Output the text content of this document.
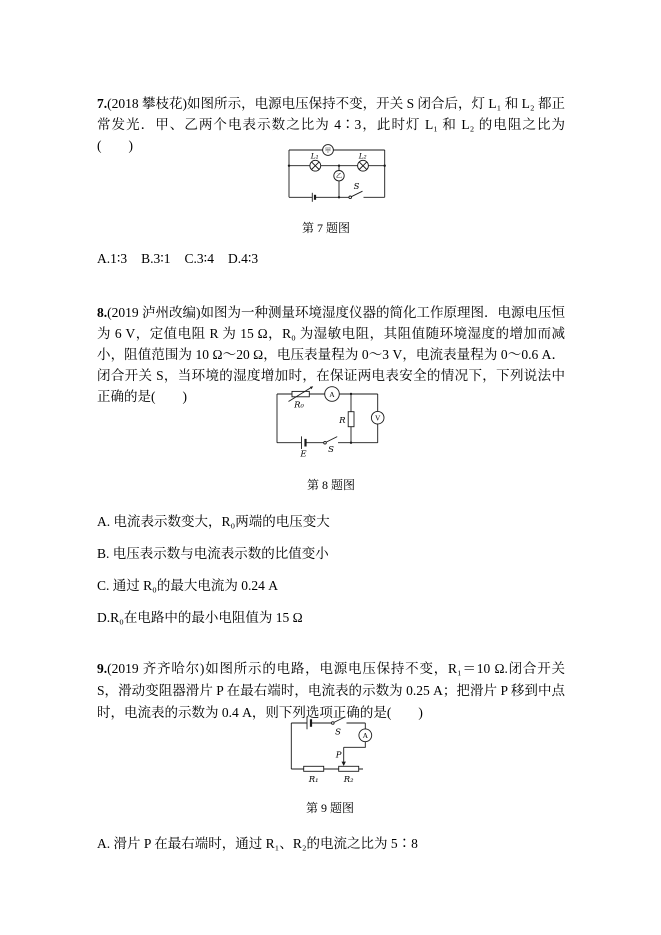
7.(2018 攀枝花)如图所示，电源电压保持不变，开关 S 闭合后，灯 L₁ 和 L₂ 都正常发光．甲、乙两个电表示数之比为 4∶3，此时灯 L₁ 和 L₂ 的电阻之比为(　　)	甲
乙
L₁	L₂
S
第 7 题图
A.1∶3 B.3∶1 C.3∶4 D.4∶3

8.(2019 泸州改编)如图为一种测量环境湿度仪器的简化工作原理图．电源电压恒为 6 V，定值电阻 R 为 15 Ω，R₀ 为湿敏电阻，其阻值随环境湿度的增加而减小，阻值范围为 10 Ω～20 Ω，电压表量程为 0～3 V，电流表量程为 0～0.6 A．闭合开关 S，当环境的湿度增加时，在保证两电表安全的情况下，下列说法中正确的是(　　)	A
V
R₀
R
E	S
第 8 题图
A. 电流表示数变大，R₀两端的电压变大
B. 电压表示数与电流表示数的比值变小
C. 通过 R₀的最大电流为 0.24 A
D.R₀在电路中的最小电阻值为 15 Ω

9.(2019 齐齐哈尔)如图所示的电路，电源电压保持不变，R₁＝10 Ω.闭合开关 S，滑动变阻器滑片 P 在最右端时，电流表的示数为 0.25 A；把滑片 P 移到中点时，电流表的示数为 0.4 A，则下列选项正确的是(　　)

A
S
P
R₁	R₂
第 9 题图
A. 滑片 P 在最右端时，通过 R₁、R₂的电流之比为 5∶8
